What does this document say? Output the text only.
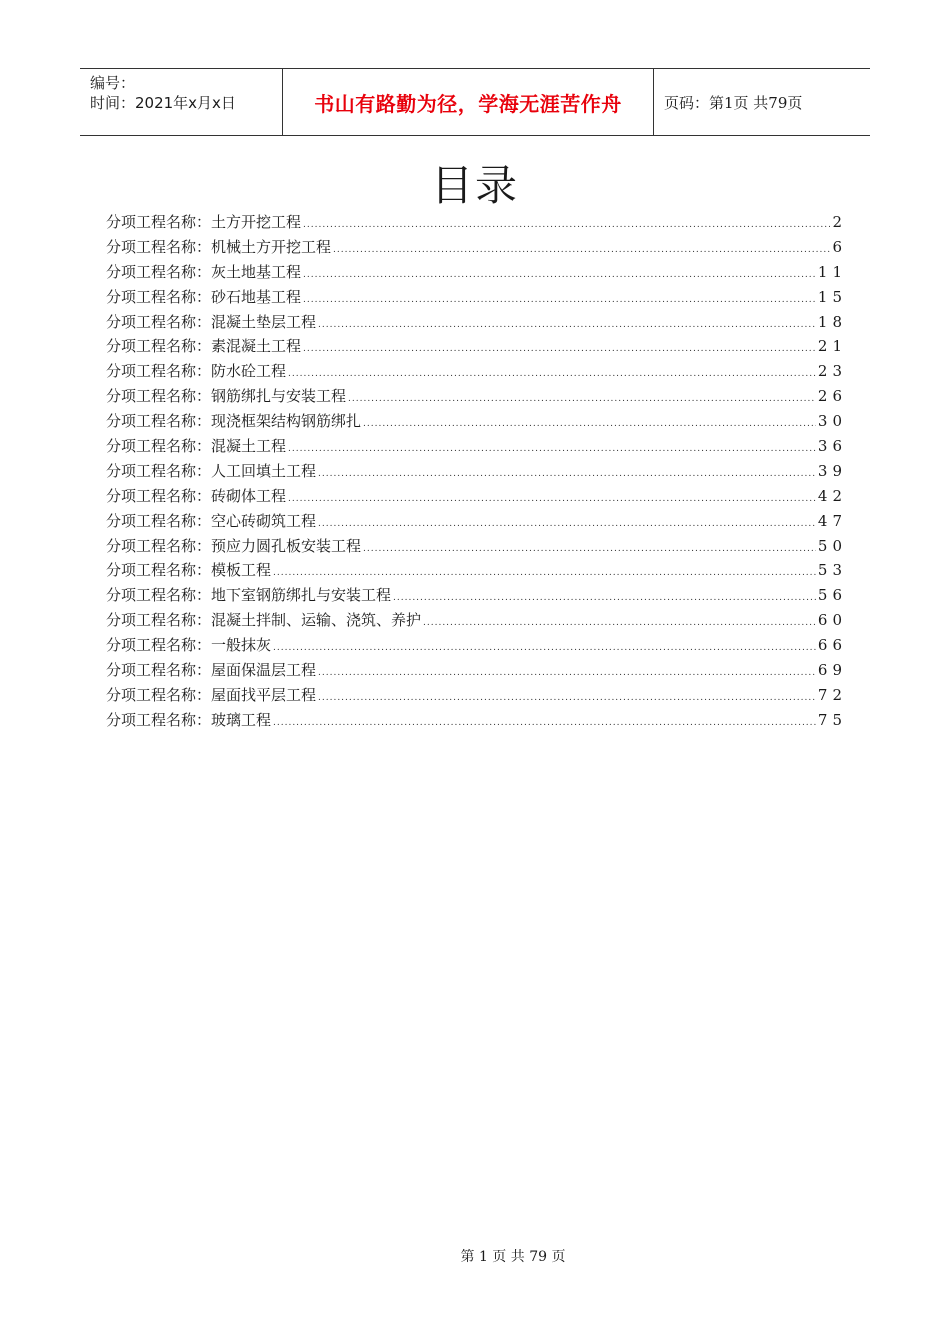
编号：
时间：2021年x月x日	书山有路勤为径，学海无涯苦作舟	页码：第1页 共79页
目录
分项工程名称：土方开挖工程 .....	2
分项工程名称：机械土方开挖工程 .....	6
分项工程名称：灰土地基工程 .....	11
分项工程名称：砂石地基工程 .....	15
分项工程名称：混凝土垫层工程 .....	18
分项工程名称：素混凝土工程 .....	21
分项工程名称：防水砼工程 .....	23
分项工程名称：钢筋绑扎与安装工程 .....	26
分项工程名称：现浇框架结构钢筋绑扎 .....	30
分项工程名称：混凝土工程 .....	36
分项工程名称：人工回填土工程 .....	39
分项工程名称：砖砌体工程 .....	42
分项工程名称：空心砖砌筑工程 .....	47
分项工程名称：预应力圆孔板安装工程 .....	50
分项工程名称：模板工程 .....	53
分项工程名称：地下室钢筋绑扎与安装工程 .....	56
分项工程名称：混凝土拌制、运输、浇筑、养护 .....	60
分项工程名称：一般抹灰 .....	66
分项工程名称：屋面保温层工程 .....	69
分项工程名称：屋面找平层工程 .....	72
分项工程名称：玻璃工程 .....	75
第 1 页 共 79 页
